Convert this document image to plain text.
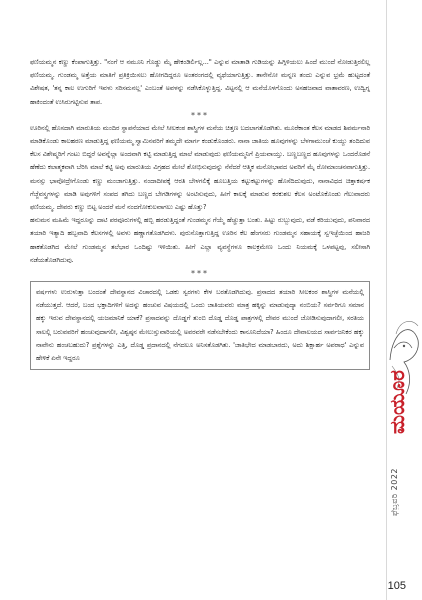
ಫಣಿಯಮ್ಮನ ಕಣ್ಣು ಕೆಂಪಾಗುತ್ತಿತ್ತು. "ನಂಗೆ ಆ ನಮೂನಿ ಗೊಡ್ಡು ಮೈ ಹೇಕಂಡಿರ್ಲಿಲ್ಲ..." ಎನ್ನುವ ಮಾತಾಡಿ ಗುಡಿಯನ್ನು ಹಿಗ್ಗಿಳಿಯಲು ಹಿಂದೆ ಮುಂದೆ ನೋಡುತ್ತಿರಲಿಲ್ಲ ಫಣಿಯಮ್ಮ. ಗುಂಡಮ್ಮ ಅತ್ತೆಯ ಮಾತಿಗೆ ಪ್ರತಿಕ್ರಿಯಿಸಲು ಹೋಗದಿದ್ದರೂ ಅಂತರಂಗದಲ್ಲಿ ವ್ಯಥೆಯಾಗುತ್ತಿತ್ತು. ತಾನೇನೋ ಮನ್ನಣ ತಂದು ಎನ್ನುವ ಭ್ರಮೆ ಹುಟ್ಟದಂತೆ ವಿಶೇಷತ, 'ತನ್ನ ಕಾಲ ಉಗುರಿಗೆ ಇವಳು ಸರಿಸಮನಲ್ಲ' ಎಂಬಂತೆ ಅವಳನ್ನು ನಡೆಸಿಕೊಳ್ಳುತ್ತಿದ್ದ. ವಿಟ್ಟನಲ್ಲಿ ಆ ಮನೆಯೊಳಗೊಂದು ಅಸಹಜವಾದ ವಾತಾವರಣ, ಉದ್ವಿಗ್ನ ಹಾಕಿಂದಂತೆ ಉಸಿರುಗಟ್ಟಿಸುವ ತಾಪ.

***

ಊರಿನಲ್ಲಿ ಹೊಸದಾಗಿ ಮಾರುತಿಯ ಮಂದಿರ ಸ್ಥಾಪನೆಯಾದ ಮೇಲೆ ಸೀಲಕಂಠ ಶಾಸ್ತ್ರಿಗಳ ಮನೆಯ ಚಿತ್ತಣ ಬದಲಾಗತೊಡಗಿತು. ಮೂರೆಕಾಂತ ಕೆಲಸ ಮಾಡದ ಶಿವರ್ಮನಾರಿ ಮಾಡಿಕೊಂಡು ಕಾಲಹರಣ ಮಾಡುತ್ತಿದ್ದ ಫಣಿಯಮ್ಮ ಸ್ವಾಮಿನವರಿಗೆ ತಮ್ಮದೇ ಮಾರ್ಗ ಕಂಡುಕೊಂಡರು. ನಾನಾ ಜಾತಿಯ ಹೂವುಗಳನ್ನು ಬೆಳಗಾಮುಂಚೆ ಕುಯ್ದು ತಂದಿದುವ ಕೆಲಸ ವಿಶೇಷ್ಮರಿಗೆ ಗಂಟು ಬಿದ್ದರೆ ಅವನ್ನೆಲ್ಲಾ ಅಂದವಾಗಿ ಕಟ್ಟಿ ಮಾಡುತ್ತಿದ್ದ ಮಾಲೆ ಮಾಡುವುದು ಫಣಿಯಮ್ಮನಿಗೆ ಪ್ರಿಯವಾಯ್ತು. ಬಣ್ಣಬಣ್ಣದ ಹೂವುಗಳನ್ನು ಒಂದರೊಡನೆ ಹೆಣೆದು ಕಲಾತ್ಮಕವಾಗಿ ಬೆರಿಸಿ ಮಾಲೆ ಕಟ್ಟಿ ಅವು ಮಾರುತಿಯ ವಿಗ್ರಹದ ಮೇಲೆ ಶೋಭಿಸುವುದನ್ನು ನೆನೆದರೆ ಆತ್ಮಿಕ ಮನೋಭಾವದ ಅವರಿಗೆ ಮೈ ರೋಮಾಂಚನವಾಗುತ್ತಿತ್ತು. ಮನಸ್ಸು ಭಾವೋದ್ರೇಗೊಂಡು ಕಣ್ಣು ಮಂಜಾಗುತ್ತಿತ್ತು. ನಂದಾದೀಪಕ್ಕೆ ಆರತಿ ಬೇಳಗಲಿಕ್ಕೆ ಹೂಬತ್ತಿಯ ಕಟ್ಟುಕಟ್ಟುಗಳನ್ನು ಹೊಸೆದಿದುವುದು, ನಾನಾವಿಧದ ಚಿತ್ತಾಕರ್ಷಕ ಗೆಜ್ಜೆವಸ್ತ್ರಗಳನ್ನು ಮಾಡಿ ಅವುಗಳಿಗೆ ಸಂಪದ ತಗಿದು ಬಣ್ಣದ ಬೇಗಡಿಗಳನ್ನು ಅಂಟಿಸುವುದು, ಹೀಗೆ ಕಾಲಕ್ಕೆ ಮಾಡುವ ಕರಕುಶಲ ಕೆಲಸ ಅಂಟೊಕೊಂಡು ಗೆಲುವಾದರು ಫಣಿಯಮ್ಮ. ದೇವರು ಕಣ್ಣು ಬಿಟ್ಟ ಅಂದರೆ ಮನೆ ನಂದಗೋಕುಲವಾಗಲು ಎಷ್ಟು ಹೊತ್ತು?

ಹನುಮನ ಮಹಿಮೆ ಇದ್ದರೂನ್ನು ದಾಟಿ ಪರವೂರುಗಳಲ್ಲಿ ಹಬ್ಬಿ ಹರಡುತ್ತಿದ್ದಂತೆ ಗುಂಡಮ್ಮನ ಗೆಯ್ಮೆ ಹೆಚ್ಚುತ್ತಾ ಬಂತು. ಹಿಟ್ಟು ರುಬ್ಬುವುದು, ವಡೆ ಕರಿಯುವುದು, ಪನಿವಾರದ ತಯಾರಿ ಇತ್ಯಾದಿ ಹಬ್ಬವಾದಿ ಕೆಲಸಗಳಲ್ಲಿ ಅವಳು ಹಣ್ಣಾಗತೊಡಗಿದಳು. ಪುರುಸೊತ್ತಾಗುತ್ತಿದ್ದ ಊರಿನ ಕೆಲ ಹೆಂಗಸರು ಗುಂಡಮ್ಮನ ಸಹಾಯಕ್ಕೆ ಸ್ವಇಚ್ಛೆಯಿಂದ ಹಾಜರಿ ಹಾಕತೊಡಗಿದ ಮೇಲೆ ಗುಂಡಮ್ಮನ ತಲೆಭಾರ ಒಂದಿಷ್ಟು ಇಳಿಯಿತು. ಹೀಗೆ ಎಲ್ಲಾ ವ್ಯವಸ್ಥೆಗಳೂ ಕಾಲಕ್ರಮೇಣ ಒಂದು ನಿಯಮಕ್ಕೆ ಒಳಪಟ್ಟವು, ಸಲೀಸಾಗಿ ನಡೆಯತೊಡಗಿದುವು.

***

ವರ್ಷಗಳು ಉರುಳುತ್ತಾ ಬಂದಂತೆ ದೇವಸ್ಥಾನದ ವಿಚಾರದಲ್ಲಿ ಒಡಕು ಸ್ವರಗಳು ಕೇಳ ಬರತೊಡಗಿದುವು. ಪ್ರಸಾದದ ತಯಾರಿ ಸೀಲಕಂಠ ಶಾಸ್ತ್ರಿಗಳ ಮನೆಯಲ್ಲಿ ನಡೆಯುತ್ತದೆ. ಆದರೆ, ಬಂದ ಭಕ್ತಾದಿಗಳಿಗೆ ಅದನ್ನು ಹಂಚುವ ವಿಷಯದಲ್ಲಿ ಒಂದು ಜಾತಿಯವರು ಮಾತ್ರ ಹಕ್ಕಿನ್ನು ಮಾಡುವುದ್ಯಾ ನಂಬಿಯ? ಸರ್ವರಿಗೂ ಸಮಾನ ಹಕ್ಕು ಇರುವ ದೇವಸ್ಥಾನದಲ್ಲಿ ಯಜಮಾನಿಕೆ ಯಾಕೆ? ಪ್ರಸಾದವನ್ನು ದೊಡ್ಡಗೆ ತುಂಬಿ ದೊಡ್ಡ ದೊಡ್ಡ ಪಾತ್ರಗಳಲ್ಲಿ ದೇವರ ಮುಂದೆ ಜೋಡಿಸುವುದಾಗಲೀ, ಸರತಿಯ ಸಾಲಲ್ಲಿ ಬರುವವರಿಗೆ ಹಂಚುವುದಾಗಲೀ, ವಿಶ್ವಷ್ಠನ ಮೇಲುಸ್ತುವಾರಿಯಲ್ಲಿ ಅವರವರೇ ನಡೆಸಬೇಕೆಂದು ಕಾನೂನಿದೆಯಾ? ಹಿಂದೂ ದೇವಾಲಯದ ಸಾರ್ವಜನಿಕರ ಹಕ್ಕು ನಾವೇನು ಹಂಚಬಹುದು? ಪ್ರಶ್ನೆಗಳನ್ನು ಎತ್ತಿ, ದೊಡ್ಡ ಪ್ರದಾನದಲ್ಲಿ ನೆಗದಲೂ ಅನಿಸತೊಡಗಿತು. 'ಜಾತಿಭೇದ ಮಾಡಬಾರದು, ಅದು ಶಿಕ್ಷಾರ್ಹ ಅಪರಾಧ' ಎನ್ನುವ ಹೇಳಿಕೆ ಏನೇ ಇದ್ದರೂ

ಮಯೂರ
ಫೆಬ್ರವರಿ 2022
105
